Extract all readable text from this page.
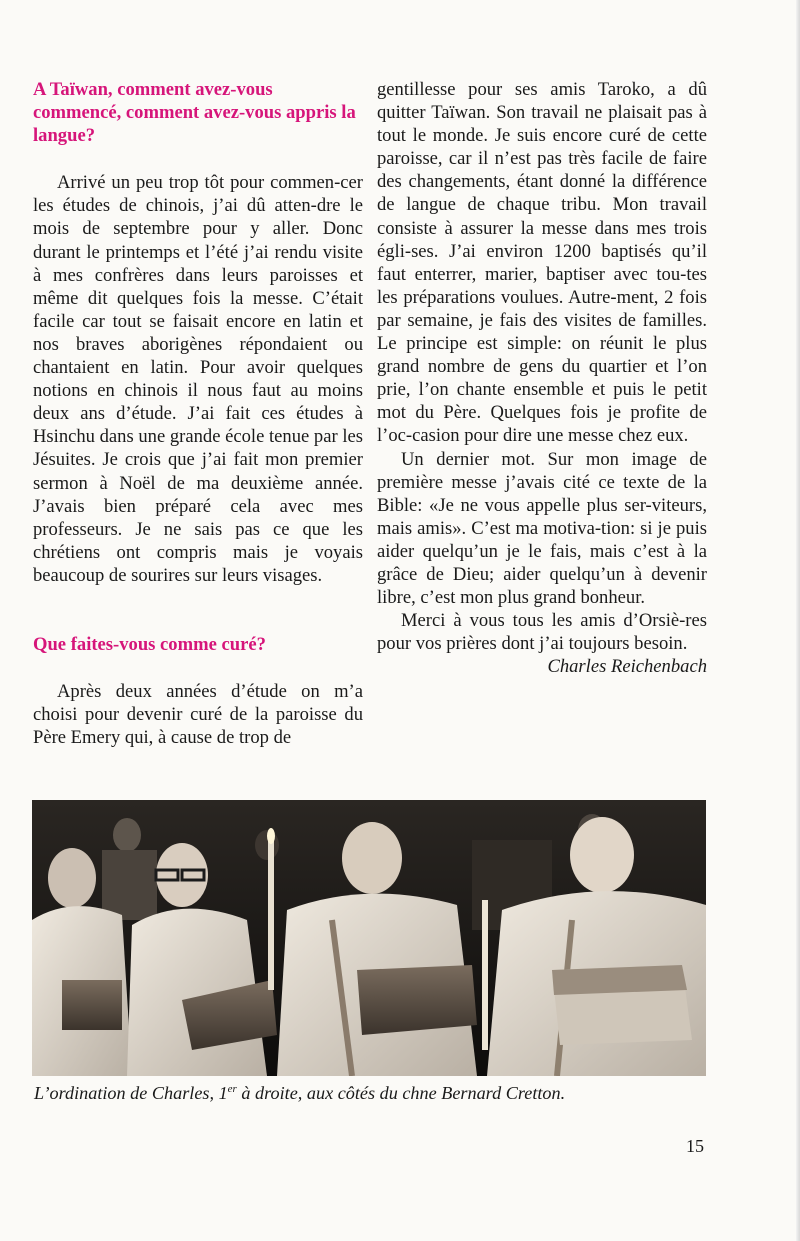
A Taïwan, comment avez-vous commencé, comment avez-vous appris la langue?

Arrivé un peu trop tôt pour commen-cer les études de chinois, j’ai dû atten-dre le mois de septembre pour y aller. Donc durant le printemps et l’été j’ai rendu visite à mes confrères dans leurs paroisses et même dit quelques fois la messe. C’était facile car tout se faisait encore en latin et nos braves aborigènes répondaient ou chantaient en latin. Pour avoir quelques notions en chinois il nous faut au moins deux ans d’étude. J’ai fait ces études à Hsinchu dans une grande école tenue par les Jésuites. Je crois que j’ai fait mon premier sermon à Noël de ma deuxième année. J’avais bien préparé cela avec mes professeurs. Je ne sais pas ce que les chrétiens ont compris mais je voyais beaucoup de sourires sur leurs visages.

Que faites-vous comme curé?

Après deux années d’étude on m’a choisi pour devenir curé de la paroisse du Père Emery qui, à cause de trop de

gentillesse pour ses amis Taroko, a dû quitter Taïwan. Son travail ne plaisait pas à tout le monde. Je suis encore curé de cette paroisse, car il n’est pas très facile de faire des changements, étant donné la différence de langue de chaque tribu. Mon travail consiste à assurer la messe dans mes trois égli-ses. J’ai environ 1200 baptisés qu’il faut enterrer, marier, baptiser avec tou-tes les préparations voulues. Autre-ment, 2 fois par semaine, je fais des visites de familles. Le principe est simple: on réunit le plus grand nombre de gens du quartier et l’on prie, l’on chante ensemble et puis le petit mot du Père. Quelques fois je profite de l’oc-casion pour dire une messe chez eux.

Un dernier mot. Sur mon image de première messe j’avais cité ce texte de la Bible: «Je ne vous appelle plus ser-viteurs, mais amis». C’est ma motiva-tion: si je puis aider quelqu’un je le fais, mais c’est à la grâce de Dieu; aider quelqu’un à devenir libre, c’est mon plus grand bonheur.

Merci à vous tous les amis d’Orsiè-res pour vos prières dont j’ai toujours besoin.

Charles Reichenbach

L’ordination de Charles, 1er à droite, aux côtés du chne Bernard Cretton.
15
